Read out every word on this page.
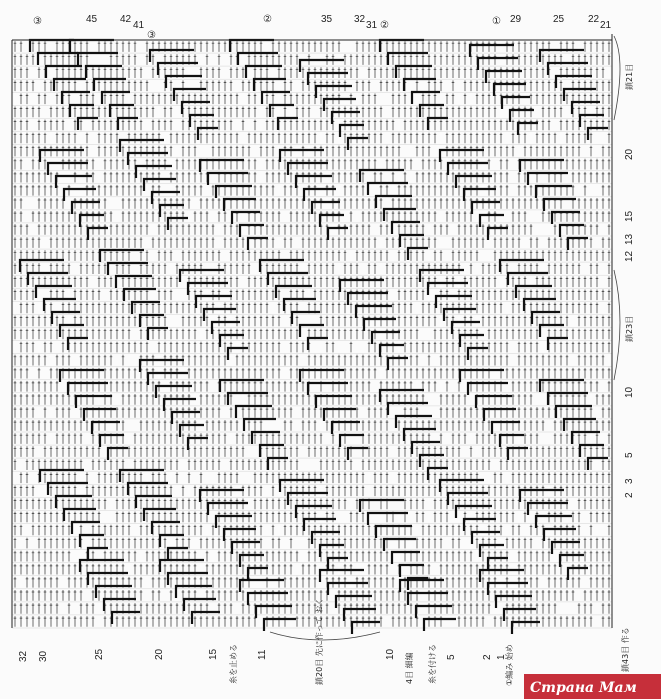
45 42
41
35 32
31
29	25 22
21
③
③
②
②	①
32 30	25	20	15	11	10	5	2 1
20
15
13
12
10
5
3
2
鎖21目
鎖23目
鎖43目 作る
鎖20目 先に作って おく	4目 細編 糸を付ける	①編み 始め
糸を止める
Страна Мам
